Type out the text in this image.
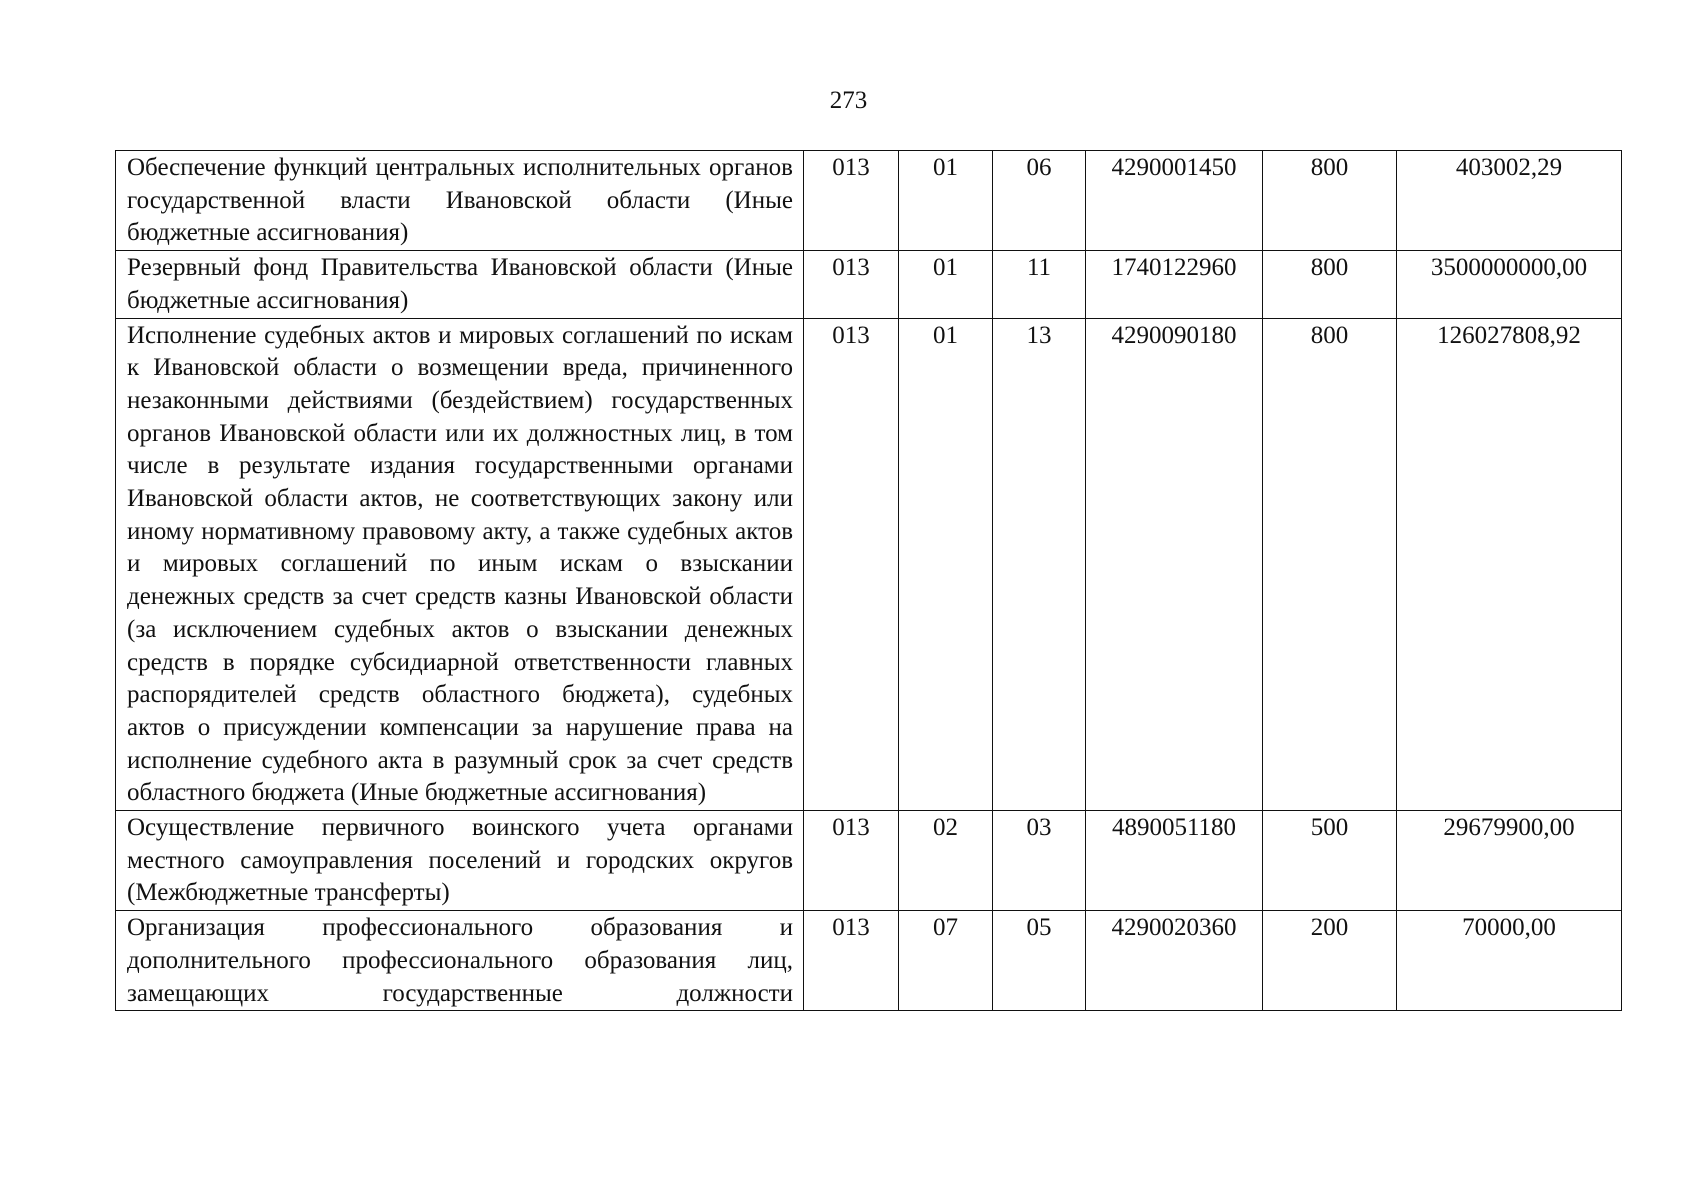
273
Обеспечение функций центральных исполнительных органов государственной власти Ивановской области (Иные бюджетные ассигнования)	013	01	06	4290001450	800	403002,29

Резервный фонд Правительства Ивановской области (Иные бюджетные ассигнования)	013	01	11	1740122960	800	3500000000,00

Исполнение судебных актов и мировых соглашений по искам к Ивановской области о возмещении вреда, причиненного незаконными действиями (бездействием) государственных органов Ивановской области или их должностных лиц, в том числе в результате издания государственными органами Ивановской области актов, не соответствующих закону или иному нормативному правовому акту, а также судебных актов и мировых соглашений по иным искам о взыскании денежных средств за счет средств казны Ивановской области (за исключением судебных актов о взыскании денежных средств в порядке субсидиарной ответственности главных распорядителей средств областного бюджета), судебных актов о присуждении компенсации за нарушение права на исполнение судебного акта в разумный срок за счет средств областного бюджета (Иные бюджетные ассигнования)	013	01	13	4290090180	800	126027808,92

Осуществление первичного воинского учета органами местного самоуправления поселений и городских округов (Межбюджетные трансферты)	013	02	03	4890051180	500	29679900,00

Организация профессионального образования и дополнительного профессионального образования лиц, замещающих государственные должности	013	07	05	4290020360	200	70000,00
